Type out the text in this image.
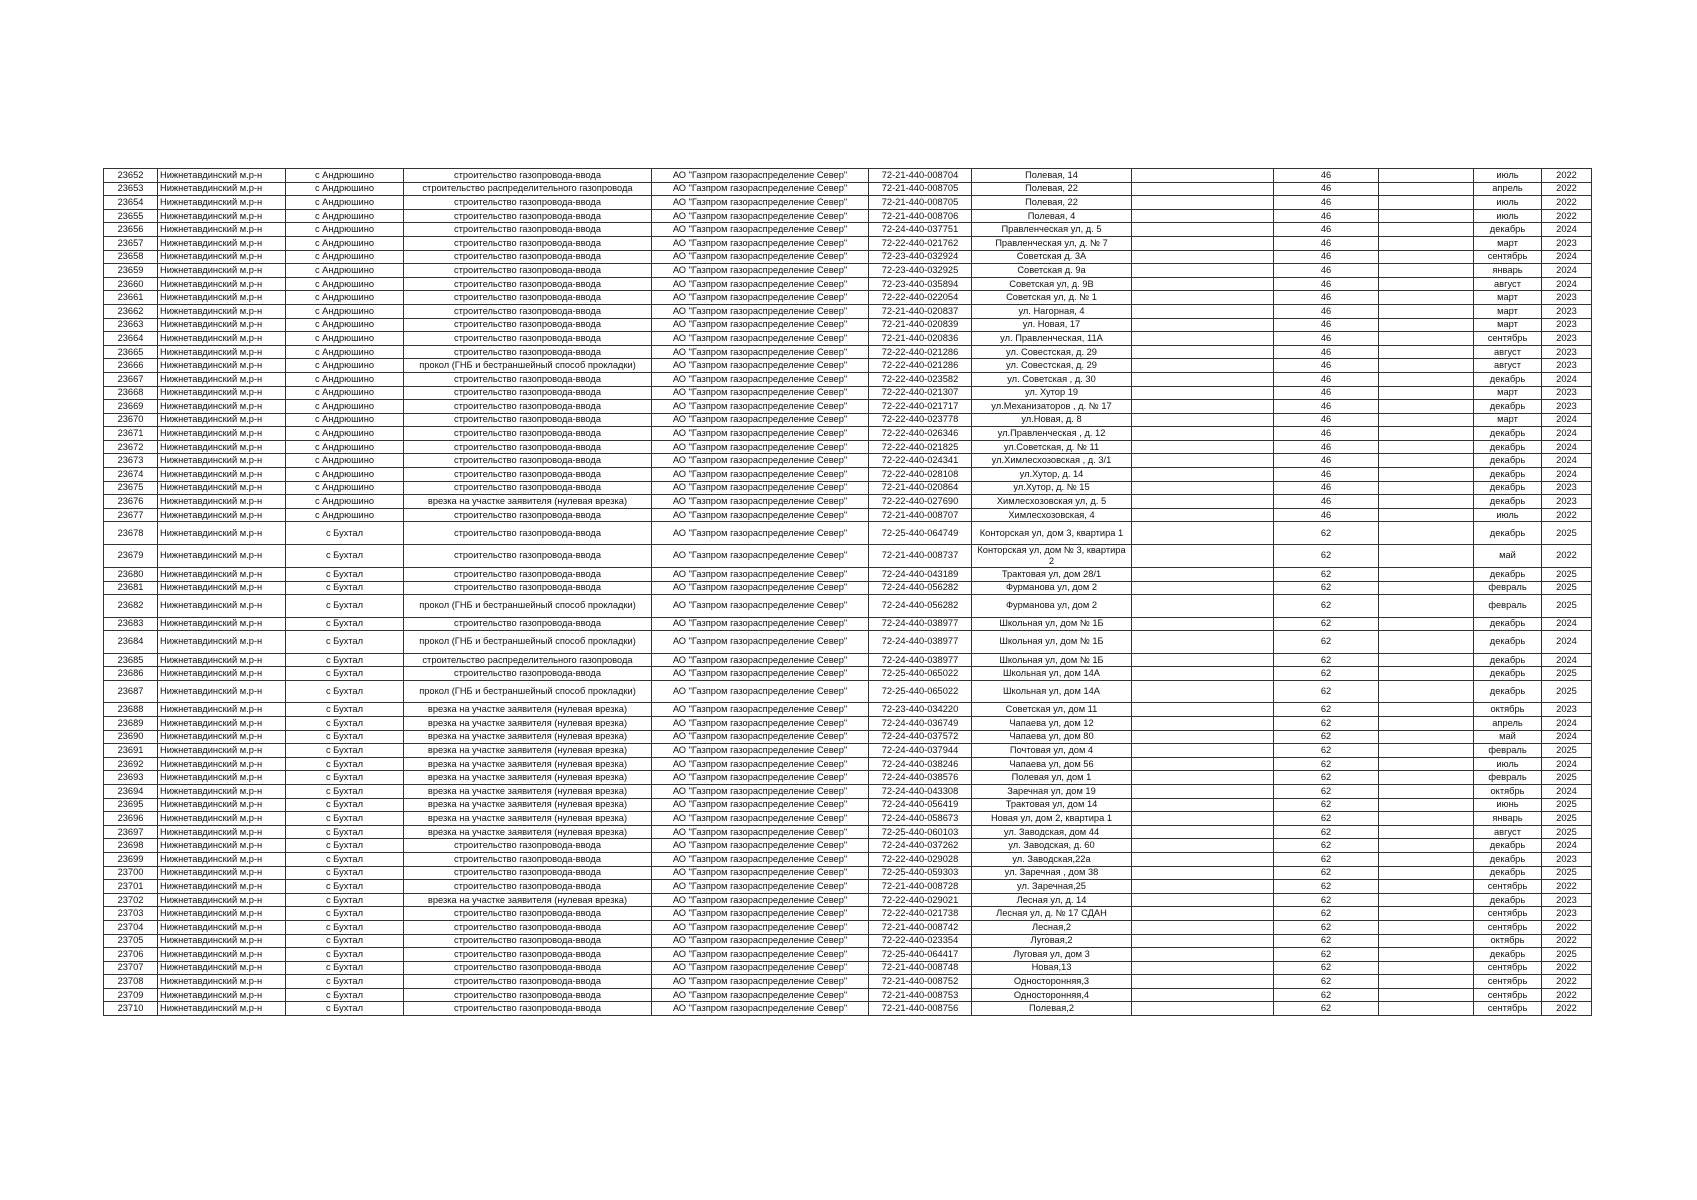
23652	Нижнетавдинский м.р-н	с Андрюшино	строительство газопровода-ввода	АО "Газпром газораспределение Север"	72-21-440-008704	Полевая, 14		46		июль	2022
23653	Нижнетавдинский м.р-н	с Андрюшино	строительство распределительного газопровода	АО "Газпром газораспределение Север"	72-21-440-008705	Полевая, 22		46		апрель	2022
23654	Нижнетавдинский м.р-н	с Андрюшино	строительство газопровода-ввода	АО "Газпром газораспределение Север"	72-21-440-008705	Полевая, 22		46		июль	2022
23655	Нижнетавдинский м.р-н	с Андрюшино	строительство газопровода-ввода	АО "Газпром газораспределение Север"	72-21-440-008706	Полевая, 4		46		июль	2022
23656	Нижнетавдинский м.р-н	с Андрюшино	строительство газопровода-ввода	АО "Газпром газораспределение Север"	72-24-440-037751	Правленческая ул, д. 5		46		декабрь	2024
23657	Нижнетавдинский м.р-н	с Андрюшино	строительство газопровода-ввода	АО "Газпром газораспределение Север"	72-22-440-021762	Правленческая ул, д. № 7		46		март	2023
23658	Нижнетавдинский м.р-н	с Андрюшино	строительство газопровода-ввода	АО "Газпром газораспределение Север"	72-23-440-032924	Советская д. 3А		46		сентябрь	2024
23659	Нижнетавдинский м.р-н	с Андрюшино	строительство газопровода-ввода	АО "Газпром газораспределение Север"	72-23-440-032925	Советская д. 9а		46		январь	2024
23660	Нижнетавдинский м.р-н	с Андрюшино	строительство газопровода-ввода	АО "Газпром газораспределение Север"	72-23-440-035894	Советская ул, д. 9В		46		август	2024
23661	Нижнетавдинский м.р-н	с Андрюшино	строительство газопровода-ввода	АО "Газпром газораспределение Север"	72-22-440-022054	Советская ул, д. № 1		46		март	2023
23662	Нижнетавдинский м.р-н	с Андрюшино	строительство газопровода-ввода	АО "Газпром газораспределение Север"	72-21-440-020837	ул. Нагорная, 4		46		март	2023
23663	Нижнетавдинский м.р-н	с Андрюшино	строительство газопровода-ввода	АО "Газпром газораспределение Север"	72-21-440-020839	ул. Новая, 17		46		март	2023
23664	Нижнетавдинский м.р-н	с Андрюшино	строительство газопровода-ввода	АО "Газпром газораспределение Север"	72-21-440-020836	ул. Правленческая, 11А		46		сентябрь	2023
23665	Нижнетавдинский м.р-н	с Андрюшино	строительство газопровода-ввода	АО "Газпром газораспределение Север"	72-22-440-021286	ул. Совестская, д. 29		46		август	2023
23666	Нижнетавдинский м.р-н	с Андрюшино	прокол (ГНБ и бестраншейный способ прокладки)	АО "Газпром газораспределение Север"	72-22-440-021286	ул. Совестская, д. 29		46		август	2023
23667	Нижнетавдинский м.р-н	с Андрюшино	строительство газопровода-ввода	АО "Газпром газораспределение Север"	72-22-440-023582	ул. Советская , д. 30		46		декабрь	2024
23668	Нижнетавдинский м.р-н	с Андрюшино	строительство газопровода-ввода	АО "Газпром газораспределение Север"	72-22-440-021307	ул. Хутор 19		46		март	2023
23669	Нижнетавдинский м.р-н	с Андрюшино	строительство газопровода-ввода	АО "Газпром газораспределение Север"	72-22-440-021717	ул.Механизаторов , д. № 17		46		декабрь	2023
23670	Нижнетавдинский м.р-н	с Андрюшино	строительство газопровода-ввода	АО "Газпром газораспределение Север"	72-22-440-023778	ул.Новая, д. 8		46		март	2024
23671	Нижнетавдинский м.р-н	с Андрюшино	строительство газопровода-ввода	АО "Газпром газораспределение Север"	72-22-440-026346	ул.Правленческая , д. 12		46		декабрь	2024
23672	Нижнетавдинский м.р-н	с Андрюшино	строительство газопровода-ввода	АО "Газпром газораспределение Север"	72-22-440-021825	ул.Советская, д. № 11		46		декабрь	2024
23673	Нижнетавдинский м.р-н	с Андрюшино	строительство газопровода-ввода	АО "Газпром газораспределение Север"	72-22-440-024341	ул.Химлесхозовская , д. 3/1		46		декабрь	2024
23674	Нижнетавдинский м.р-н	с Андрюшино	строительство газопровода-ввода	АО "Газпром газораспределение Север"	72-22-440-028108	ул.Хутор, д. 14		46		декабрь	2024
23675	Нижнетавдинский м.р-н	с Андрюшино	строительство газопровода-ввода	АО "Газпром газораспределение Север"	72-21-440-020864	ул.Хутор, д. № 15		46		декабрь	2023
23676	Нижнетавдинский м.р-н	с Андрюшино	врезка на участке заявителя (нулевая врезка)	АО "Газпром газораспределение Север"	72-22-440-027690	Химлесхозовская ул, д. 5		46		декабрь	2023
23677	Нижнетавдинский м.р-н	с Андрюшино	строительство газопровода-ввода	АО "Газпром газораспределение Север"	72-21-440-008707	Химлесхозовская, 4		46		июль	2022
23678	Нижнетавдинский м.р-н	с Бухтал	строительство газопровода-ввода	АО "Газпром газораспределение Север"	72-25-440-064749	Конторская ул, дом 3, квартира 1		62		декабрь	2025
23679	Нижнетавдинский м.р-н	с Бухтал	строительство газопровода-ввода	АО "Газпром газораспределение Север"	72-21-440-008737	Конторская ул, дом № 3, квартира 2		62		май	2022
23680	Нижнетавдинский м.р-н	с Бухтал	строительство газопровода-ввода	АО "Газпром газораспределение Север"	72-24-440-043189	Трактовая ул, дом 28/1		62		декабрь	2025
23681	Нижнетавдинский м.р-н	с Бухтал	строительство газопровода-ввода	АО "Газпром газораспределение Север"	72-24-440-056282	Фурманова ул, дом 2		62		февраль	2025
23682	Нижнетавдинский м.р-н	с Бухтал	прокол (ГНБ и бестраншейный способ прокладки)	АО "Газпром газораспределение Север"	72-24-440-056282	Фурманова ул, дом 2		62		февраль	2025
23683	Нижнетавдинский м.р-н	с Бухтал	строительство газопровода-ввода	АО "Газпром газораспределение Север"	72-24-440-038977	Школьная ул, дом № 1Б		62		декабрь	2024
23684	Нижнетавдинский м.р-н	с Бухтал	прокол (ГНБ и бестраншейный способ прокладки)	АО "Газпром газораспределение Север"	72-24-440-038977	Школьная ул, дом № 1Б		62		декабрь	2024
23685	Нижнетавдинский м.р-н	с Бухтал	строительство распределительного газопровода	АО "Газпром газораспределение Север"	72-24-440-038977	Школьная ул, дом № 1Б		62		декабрь	2024
23686	Нижнетавдинский м.р-н	с Бухтал	строительство газопровода-ввода	АО "Газпром газораспределение Север"	72-25-440-065022	Школьная ул, дом 14А		62		декабрь	2025
23687	Нижнетавдинский м.р-н	с Бухтал	прокол (ГНБ и бестраншейный способ прокладки)	АО "Газпром газораспределение Север"	72-25-440-065022	Школьная ул, дом 14А		62		декабрь	2025
23688	Нижнетавдинский м.р-н	с Бухтал	врезка на участке заявителя (нулевая врезка)	АО "Газпром газораспределение Север"	72-23-440-034220	Советская ул, дом 11		62		октябрь	2023
23689	Нижнетавдинский м.р-н	с Бухтал	врезка на участке заявителя (нулевая врезка)	АО "Газпром газораспределение Север"	72-24-440-036749	Чапаева ул, дом 12		62		апрель	2024
23690	Нижнетавдинский м.р-н	с Бухтал	врезка на участке заявителя (нулевая врезка)	АО "Газпром газораспределение Север"	72-24-440-037572	Чапаева ул, дом 80		62		май	2024
23691	Нижнетавдинский м.р-н	с Бухтал	врезка на участке заявителя (нулевая врезка)	АО "Газпром газораспределение Север"	72-24-440-037944	Почтовая ул, дом 4		62		февраль	2025
23692	Нижнетавдинский м.р-н	с Бухтал	врезка на участке заявителя (нулевая врезка)	АО "Газпром газораспределение Север"	72-24-440-038246	Чапаева ул, дом 56		62		июль	2024
23693	Нижнетавдинский м.р-н	с Бухтал	врезка на участке заявителя (нулевая врезка)	АО "Газпром газораспределение Север"	72-24-440-038576	Полевая ул, дом 1		62		февраль	2025
23694	Нижнетавдинский м.р-н	с Бухтал	врезка на участке заявителя (нулевая врезка)	АО "Газпром газораспределение Север"	72-24-440-043308	Заречная ул, дом 19		62		октябрь	2024
23695	Нижнетавдинский м.р-н	с Бухтал	врезка на участке заявителя (нулевая врезка)	АО "Газпром газораспределение Север"	72-24-440-056419	Трактовая ул, дом 14		62		июнь	2025
23696	Нижнетавдинский м.р-н	с Бухтал	врезка на участке заявителя (нулевая врезка)	АО "Газпром газораспределение Север"	72-24-440-058673	Новая ул, дом 2, квартира 1		62		январь	2025
23697	Нижнетавдинский м.р-н	с Бухтал	врезка на участке заявителя (нулевая врезка)	АО "Газпром газораспределение Север"	72-25-440-060103	ул. Заводская, дом 44		62		август	2025
23698	Нижнетавдинский м.р-н	с Бухтал	строительство газопровода-ввода	АО "Газпром газораспределение Север"	72-24-440-037262	ул. Заводская, д. 60		62		декабрь	2024
23699	Нижнетавдинский м.р-н	с Бухтал	строительство газопровода-ввода	АО "Газпром газораспределение Север"	72-22-440-029028	ул. Заводская,22а		62		декабрь	2023
23700	Нижнетавдинский м.р-н	с Бухтал	строительство газопровода-ввода	АО "Газпром газораспределение Север"	72-25-440-059303	ул. Заречная , дом 38		62		декабрь	2025
23701	Нижнетавдинский м.р-н	с Бухтал	строительство газопровода-ввода	АО "Газпром газораспределение Север"	72-21-440-008728	ул. Заречная,25		62		сентябрь	2022
23702	Нижнетавдинский м.р-н	с Бухтал	врезка на участке заявителя (нулевая врезка)	АО "Газпром газораспределение Север"	72-22-440-029021	Лесная ул, д. 14		62		декабрь	2023
23703	Нижнетавдинский м.р-н	с Бухтал	строительство газопровода-ввода	АО "Газпром газораспределение Север"	72-22-440-021738	Лесная ул, д. № 17 СДАН		62		сентябрь	2023
23704	Нижнетавдинский м.р-н	с Бухтал	строительство газопровода-ввода	АО "Газпром газораспределение Север"	72-21-440-008742	Лесная,2		62		сентябрь	2022
23705	Нижнетавдинский м.р-н	с Бухтал	строительство газопровода-ввода	АО "Газпром газораспределение Север"	72-22-440-023354	Луговая,2		62		октябрь	2022
23706	Нижнетавдинский м.р-н	с Бухтал	строительство газопровода-ввода	АО "Газпром газораспределение Север"	72-25-440-064417	Луговая ул, дом 3		62		декабрь	2025
23707	Нижнетавдинский м.р-н	с Бухтал	строительство газопровода-ввода	АО "Газпром газораспределение Север"	72-21-440-008748	Новая,13		62		сентябрь	2022
23708	Нижнетавдинский м.р-н	с Бухтал	строительство газопровода-ввода	АО "Газпром газораспределение Север"	72-21-440-008752	Односторонняя,3		62		сентябрь	2022
23709	Нижнетавдинский м.р-н	с Бухтал	строительство газопровода-ввода	АО "Газпром газораспределение Север"	72-21-440-008753	Односторонняя,4		62		сентябрь	2022
23710	Нижнетавдинский м.р-н	с Бухтал	строительство газопровода-ввода	АО "Газпром газораспределение Север"	72-21-440-008756	Полевая,2		62		сентябрь	2022
